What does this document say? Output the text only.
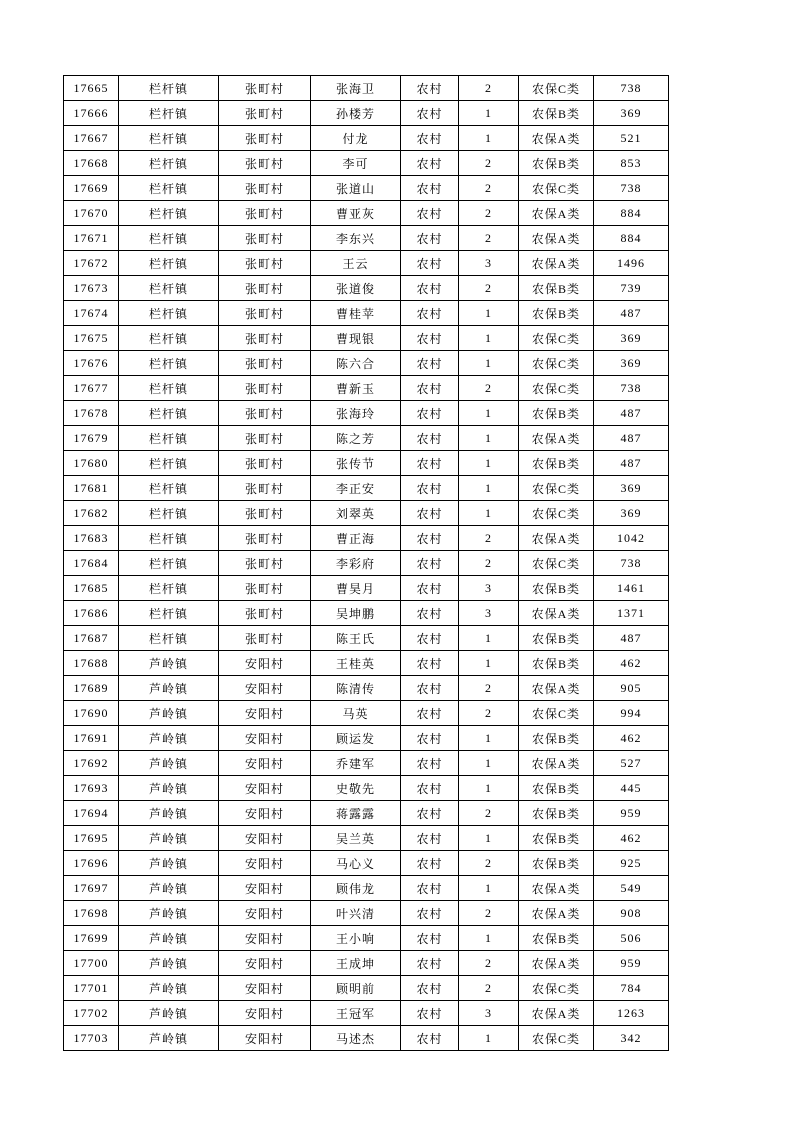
17665	栏杆镇	张町村	张海卫	农村	2	农保C类	738
17666	栏杆镇	张町村	孙楼芳	农村	1	农保B类	369
17667	栏杆镇	张町村	付龙	农村	1	农保A类	521
17668	栏杆镇	张町村	李可	农村	2	农保B类	853
17669	栏杆镇	张町村	张道山	农村	2	农保C类	738
17670	栏杆镇	张町村	曹亚灰	农村	2	农保A类	884
17671	栏杆镇	张町村	李东兴	农村	2	农保A类	884
17672	栏杆镇	张町村	王云	农村	3	农保A类	1496
17673	栏杆镇	张町村	张道俊	农村	2	农保B类	739
17674	栏杆镇	张町村	曹桂苹	农村	1	农保B类	487
17675	栏杆镇	张町村	曹现银	农村	1	农保C类	369
17676	栏杆镇	张町村	陈六合	农村	1	农保C类	369
17677	栏杆镇	张町村	曹新玉	农村	2	农保C类	738
17678	栏杆镇	张町村	张海玲	农村	1	农保B类	487
17679	栏杆镇	张町村	陈之芳	农村	1	农保A类	487
17680	栏杆镇	张町村	张传节	农村	1	农保B类	487
17681	栏杆镇	张町村	李正安	农村	1	农保C类	369
17682	栏杆镇	张町村	刘翠英	农村	1	农保C类	369
17683	栏杆镇	张町村	曹正海	农村	2	农保A类	1042
17684	栏杆镇	张町村	李彩府	农村	2	农保C类	738
17685	栏杆镇	张町村	曹昊月	农村	3	农保B类	1461
17686	栏杆镇	张町村	吴坤鹏	农村	3	农保A类	1371
17687	栏杆镇	张町村	陈王氏	农村	1	农保B类	487
17688	芦岭镇	安阳村	王桂英	农村	1	农保B类	462
17689	芦岭镇	安阳村	陈清传	农村	2	农保A类	905
17690	芦岭镇	安阳村	马英	农村	2	农保C类	994
17691	芦岭镇	安阳村	顾运发	农村	1	农保B类	462
17692	芦岭镇	安阳村	乔建军	农村	1	农保A类	527
17693	芦岭镇	安阳村	史敬先	农村	1	农保B类	445
17694	芦岭镇	安阳村	蒋露露	农村	2	农保B类	959
17695	芦岭镇	安阳村	吴兰英	农村	1	农保B类	462
17696	芦岭镇	安阳村	马心义	农村	2	农保B类	925
17697	芦岭镇	安阳村	顾伟龙	农村	1	农保A类	549
17698	芦岭镇	安阳村	叶兴清	农村	2	农保A类	908
17699	芦岭镇	安阳村	王小响	农村	1	农保B类	506
17700	芦岭镇	安阳村	王成坤	农村	2	农保A类	959
17701	芦岭镇	安阳村	顾明前	农村	2	农保C类	784
17702	芦岭镇	安阳村	王冠军	农村	3	农保A类	1263
17703	芦岭镇	安阳村	马述杰	农村	1	农保C类	342
